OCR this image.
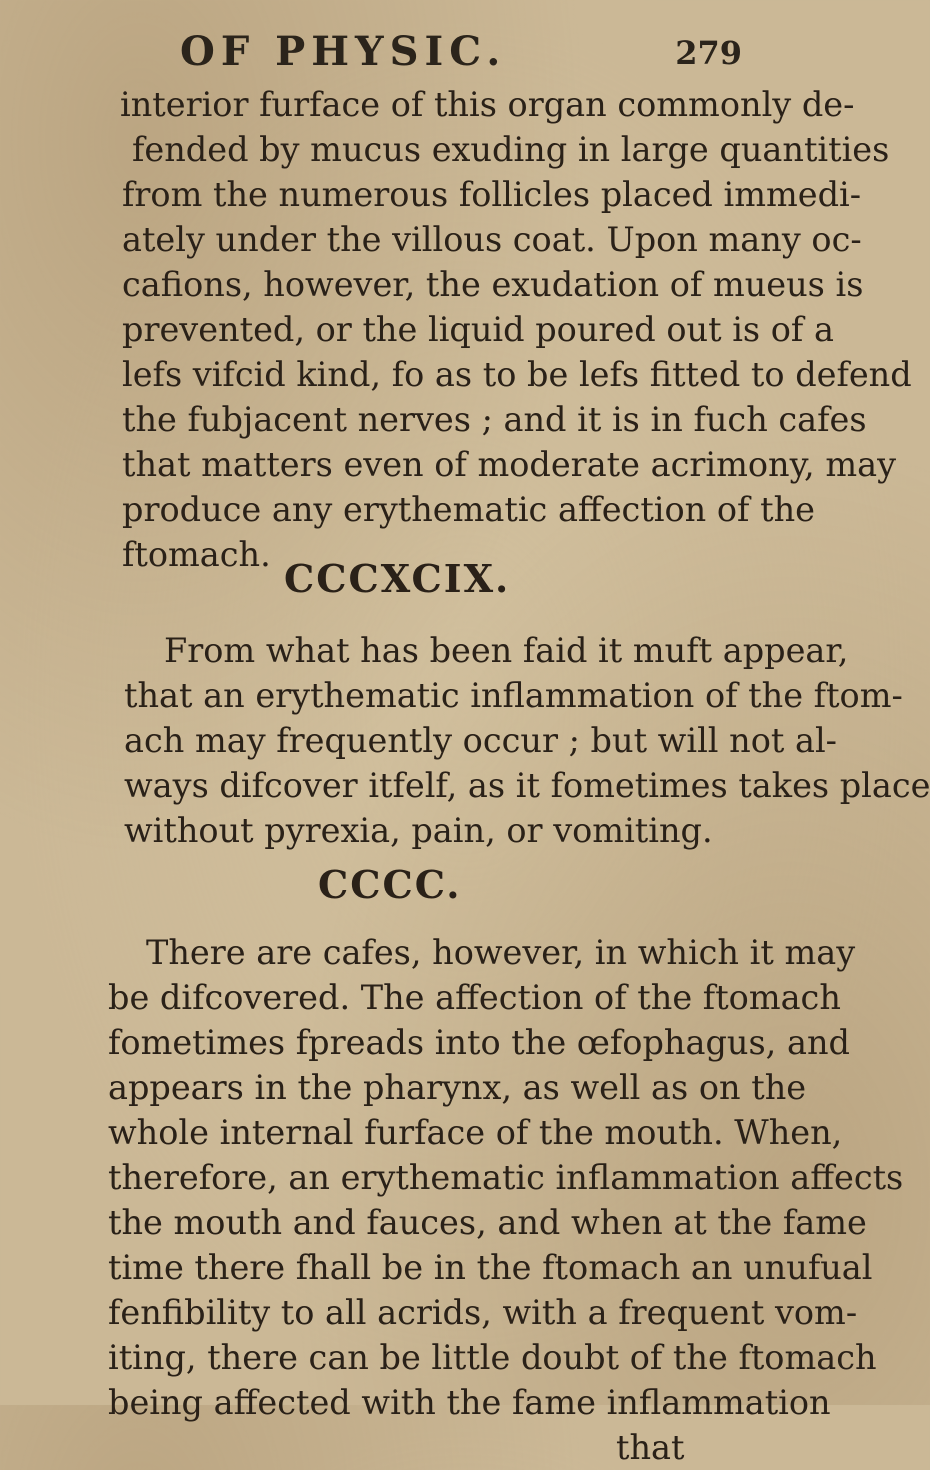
OF PHYSIC.	279
interior furface of this organ commonly de-
fended by mucus exuding in large quantities
from the numerous follicles placed immedi-
ately under the villous coat. Upon many oc-
cafions, however, the exudation of mueus is
prevented, or the liquid poured out is of a
lefs vifcid kind, fo as to be lefs fitted to defend
the fubjacent nerves ; and it is in fuch cafes
that matters even of moderate acrimony, may
produce any erythematic affection of the
ftomach.
CCCXCIX.
From what has been faid it muft appear,
that an erythematic inflammation of the ftom-
ach may frequently occur ; but will not al-
ways difcover itfelf, as it fometimes takes place
without pyrexia, pain, or vomiting.
CCCC.
There are cafes, however, in which it may
be difcovered. The affection of the ftomach
fometimes fpreads into the œfophagus, and
appears in the pharynx, as well as on the
whole internal furface of the mouth. When,
therefore, an erythematic inflammation affects
the mouth and fauces, and when at the fame
time there fhall be in the ftomach an unufual
fenfibility to all acrids, with a frequent vom-
iting, there can be little doubt of the ftomach
being affected with the fame inflammation
that
